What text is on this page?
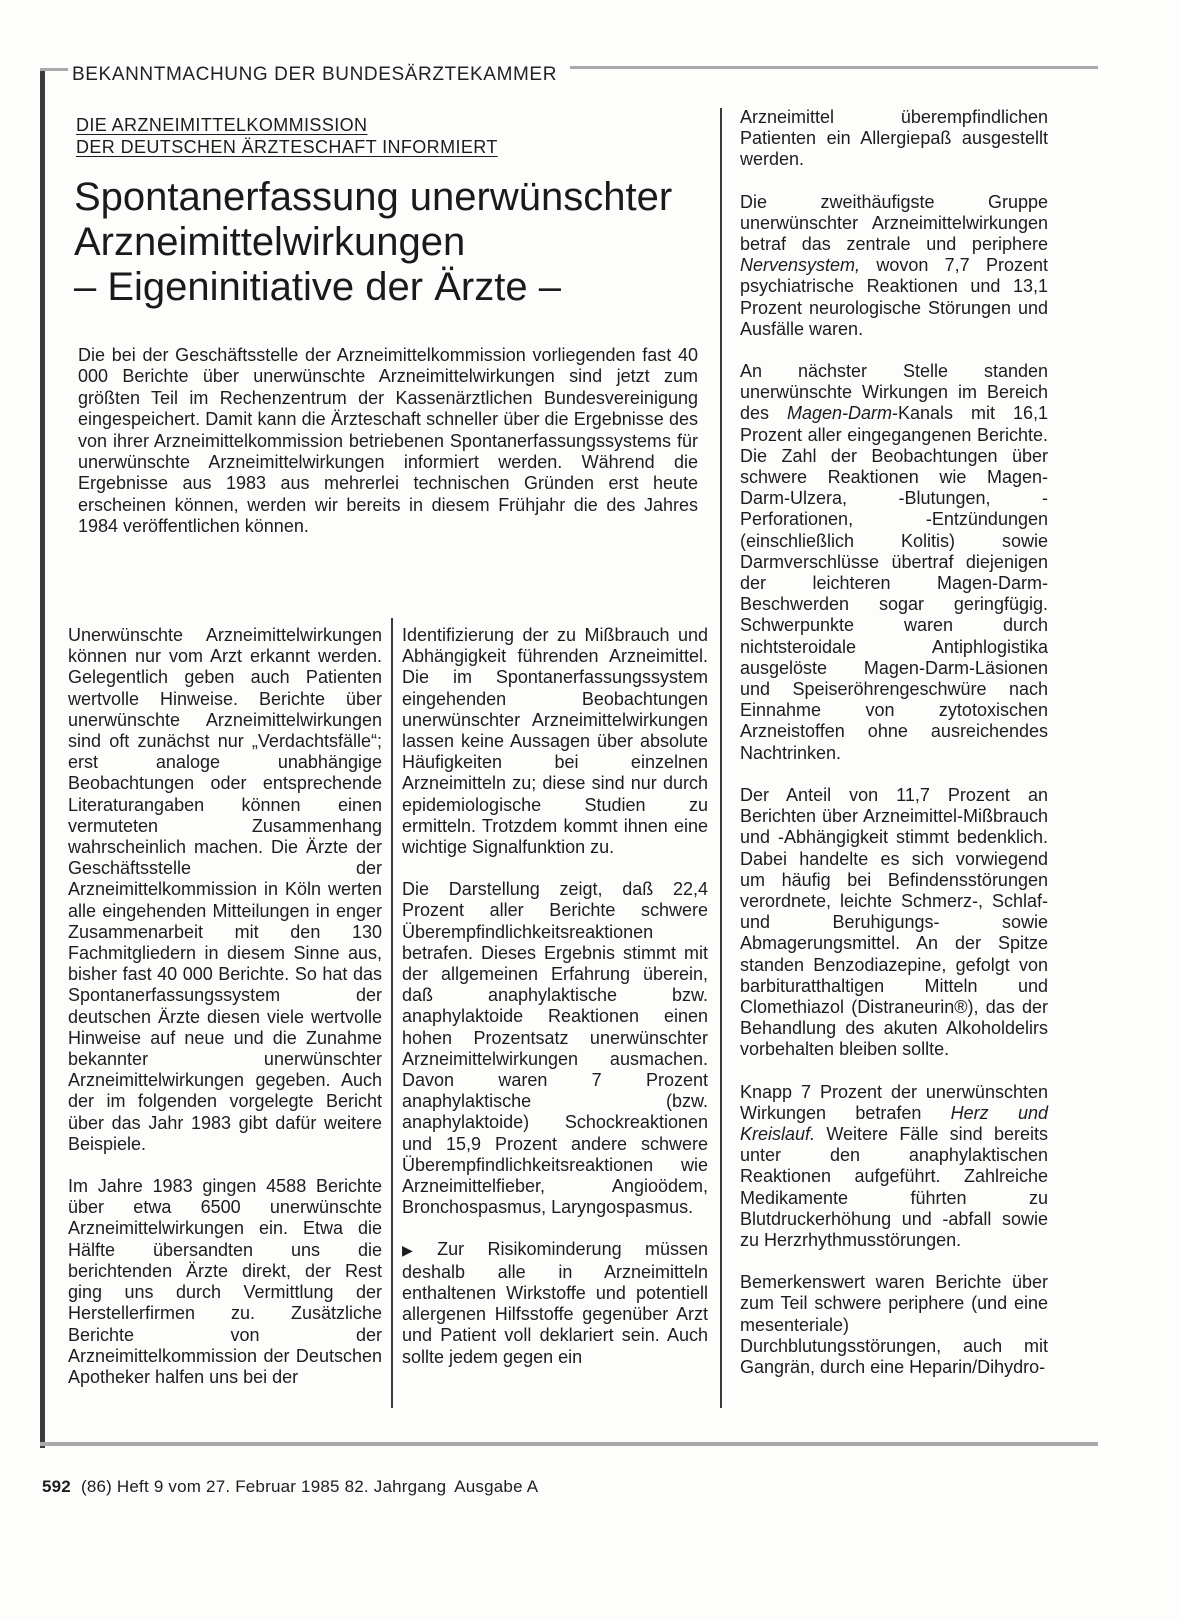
BEKANNTMACHUNG DER BUNDESÄRZTEKAMMER
DIE ARZNEIMITTELKOMMISSION
DER DEUTSCHEN ÄRZTESCHAFT INFORMIERT
Spontanerfassung unerwünschter
Arzneimittelwirkungen
– Eigeninitiative der Ärzte –

Die bei der Geschäftsstelle der Arzneimittelkommission vorliegenden fast 40 000 Berichte über unerwünschte Arzneimittelwirkungen sind jetzt zum größten Teil im Rechenzentrum der Kassenärztlichen Bundesvereinigung eingespeichert. Damit kann die Ärzteschaft schneller über die Ergebnisse des von ihrer Arzneimittelkommission betriebenen Spontanerfassungssystems für unerwünschte Arzneimittelwirkungen informiert werden. Während die Ergebnisse aus 1983 aus mehrerlei technischen Gründen erst heute erscheinen können, werden wir bereits in diesem Frühjahr die des Jahres 1984 veröffentlichen können.

Unerwünschte Arzneimittelwirkungen können nur vom Arzt erkannt werden. Gelegentlich geben auch Patienten wertvolle Hinweise. Berichte über unerwünschte Arzneimittelwirkungen sind oft zunächst nur „Verdachtsfälle“; erst analoge unabhängige Beobachtungen oder entsprechende Literaturangaben können einen vermuteten Zusammenhang wahrscheinlich machen. Die Ärzte der Geschäftsstelle der Arzneimittelkommission in Köln werten alle eingehenden Mitteilungen in enger Zusammenarbeit mit den 130 Fachmitgliedern in diesem Sinne aus, bisher fast 40 000 Berichte. So hat das Spontanerfassungssystem der deutschen Ärzte diesen viele wertvolle Hinweise auf neue und die Zunahme bekannter unerwünschter Arzneimittelwirkungen gegeben. Auch der im folgenden vorgelegte Bericht über das Jahr 1983 gibt dafür weitere Beispiele.

Im Jahre 1983 gingen 4588 Berichte über etwa 6500 unerwünschte Arzneimittelwirkungen ein. Etwa die Hälfte übersandten uns die berichtenden Ärzte direkt, der Rest ging uns durch Vermittlung der Herstellerfirmen zu. Zusätzliche Berichte von der Arzneimittelkommission der Deutschen Apotheker halfen uns bei der

Identifizierung der zu Mißbrauch und Abhängigkeit führenden Arzneimittel. Die im Spontanerfassungssystem eingehenden Beobachtungen unerwünschter Arzneimittelwirkungen lassen keine Aussagen über absolute Häufigkeiten bei einzelnen Arzneimitteln zu; diese sind nur durch epidemiologische Studien zu ermitteln. Trotzdem kommt ihnen eine wichtige Signalfunktion zu.

Die Darstellung zeigt, daß 22,4 Prozent aller Berichte schwere Überempfindlichkeitsreaktionen betrafen. Dieses Ergebnis stimmt mit der allgemeinen Erfahrung überein, daß anaphylaktische bzw. anaphylaktoide Reaktionen einen hohen Prozentsatz unerwünschter Arzneimittelwirkungen ausmachen. Davon waren 7 Prozent anaphylaktische (bzw. anaphylaktoide) Schockreaktionen und 15,9 Prozent andere schwere Überempfindlichkeitsreaktionen wie Arzneimittelfieber, Angioödem, Bronchospasmus, Laryngospasmus.

▶ Zur Risikominderung müssen deshalb alle in Arzneimitteln enthaltenen Wirkstoffe und potentiell allergenen Hilfsstoffe gegenüber Arzt und Patient voll deklariert sein. Auch sollte jedem gegen ein

Arzneimittel überempfindlichen Patienten ein Allergiepaß ausgestellt werden.

Die zweithäufigste Gruppe unerwünschter Arzneimittelwirkungen betraf das zentrale und periphere Nervensystem, wovon 7,7 Prozent psychiatrische Reaktionen und 13,1 Prozent neurologische Störungen und Ausfälle waren.

An nächster Stelle standen unerwünschte Wirkungen im Bereich des Magen-Darm-Kanals mit 16,1 Prozent aller eingegangenen Berichte. Die Zahl der Beobachtungen über schwere Reaktionen wie Magen-Darm-Ulzera, -Blutungen, -Perforationen, -Entzündungen (einschließlich Kolitis) sowie Darmverschlüsse übertraf diejenigen der leichteren Magen-Darm-Beschwerden sogar geringfügig. Schwerpunkte waren durch nichtsteroidale Antiphlogistika ausgelöste Magen-Darm-Läsionen und Speiseröhrengeschwüre nach Einnahme von zytotoxischen Arzneistoffen ohne ausreichendes Nachtrinken.

Der Anteil von 11,7 Prozent an Berichten über Arzneimittel-Mißbrauch und -Abhängigkeit stimmt bedenklich. Dabei handelte es sich vorwiegend um häufig bei Befindensstörungen verordnete, leichte Schmerz-, Schlaf- und Beruhigungs- sowie Abmagerungsmittel. An der Spitze standen Benzodiazepine, gefolgt von barbituratthaltigen Mitteln und Clomethiazol (Distraneurin®), das der Behandlung des akuten Alkoholdelirs vorbehalten bleiben sollte.

Knapp 7 Prozent der unerwünschten Wirkungen betrafen Herz und Kreislauf. Weitere Fälle sind bereits unter den anaphylaktischen Reaktionen aufgeführt. Zahlreiche Medikamente führten zu Blutdruckerhöhung und -abfall sowie zu Herzrhythmusstörungen.

Bemerkenswert waren Berichte über zum Teil schwere periphere (und eine mesenteriale) Durchblutungsstörungen, auch mit Gangrän, durch eine Heparin/Dihydro-

592 (86) Heft 9 vom 27. Februar 1985 82. Jahrgang Ausgabe A
